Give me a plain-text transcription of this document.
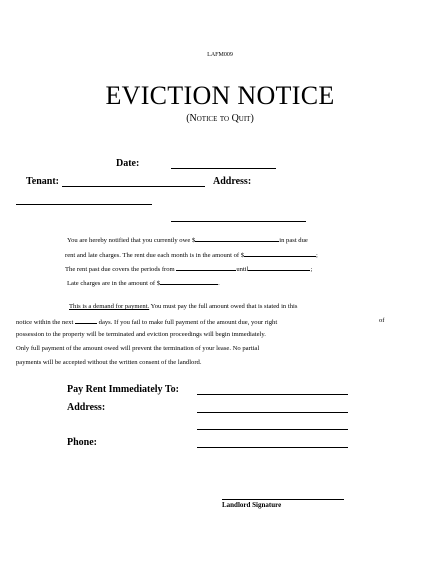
LAFM009
EVICTION NOTICE
(Notice to Quit)
Date:
Tenant:	Address:
You are hereby notified that you currently owe $	in past due
rent and late charges. The rent due each month is in the amount of $	;
The rent past due covers the periods from	until	;
Late charges are in the amount of $	.
This is a demand for payment. You must pay the full amount owed that is stated in this
notice within the next	days. If you fail to make full payment of the amount due, your right	of
possession to the property will be terminated and eviction proceedings will begin immediately.
Only full payment of the amount owed will prevent the termination of your lease. No partial
payments will be accepted without the written consent of the landlord.
Pay Rent Immediately To:
Address:
Phone:
Landlord Signature
